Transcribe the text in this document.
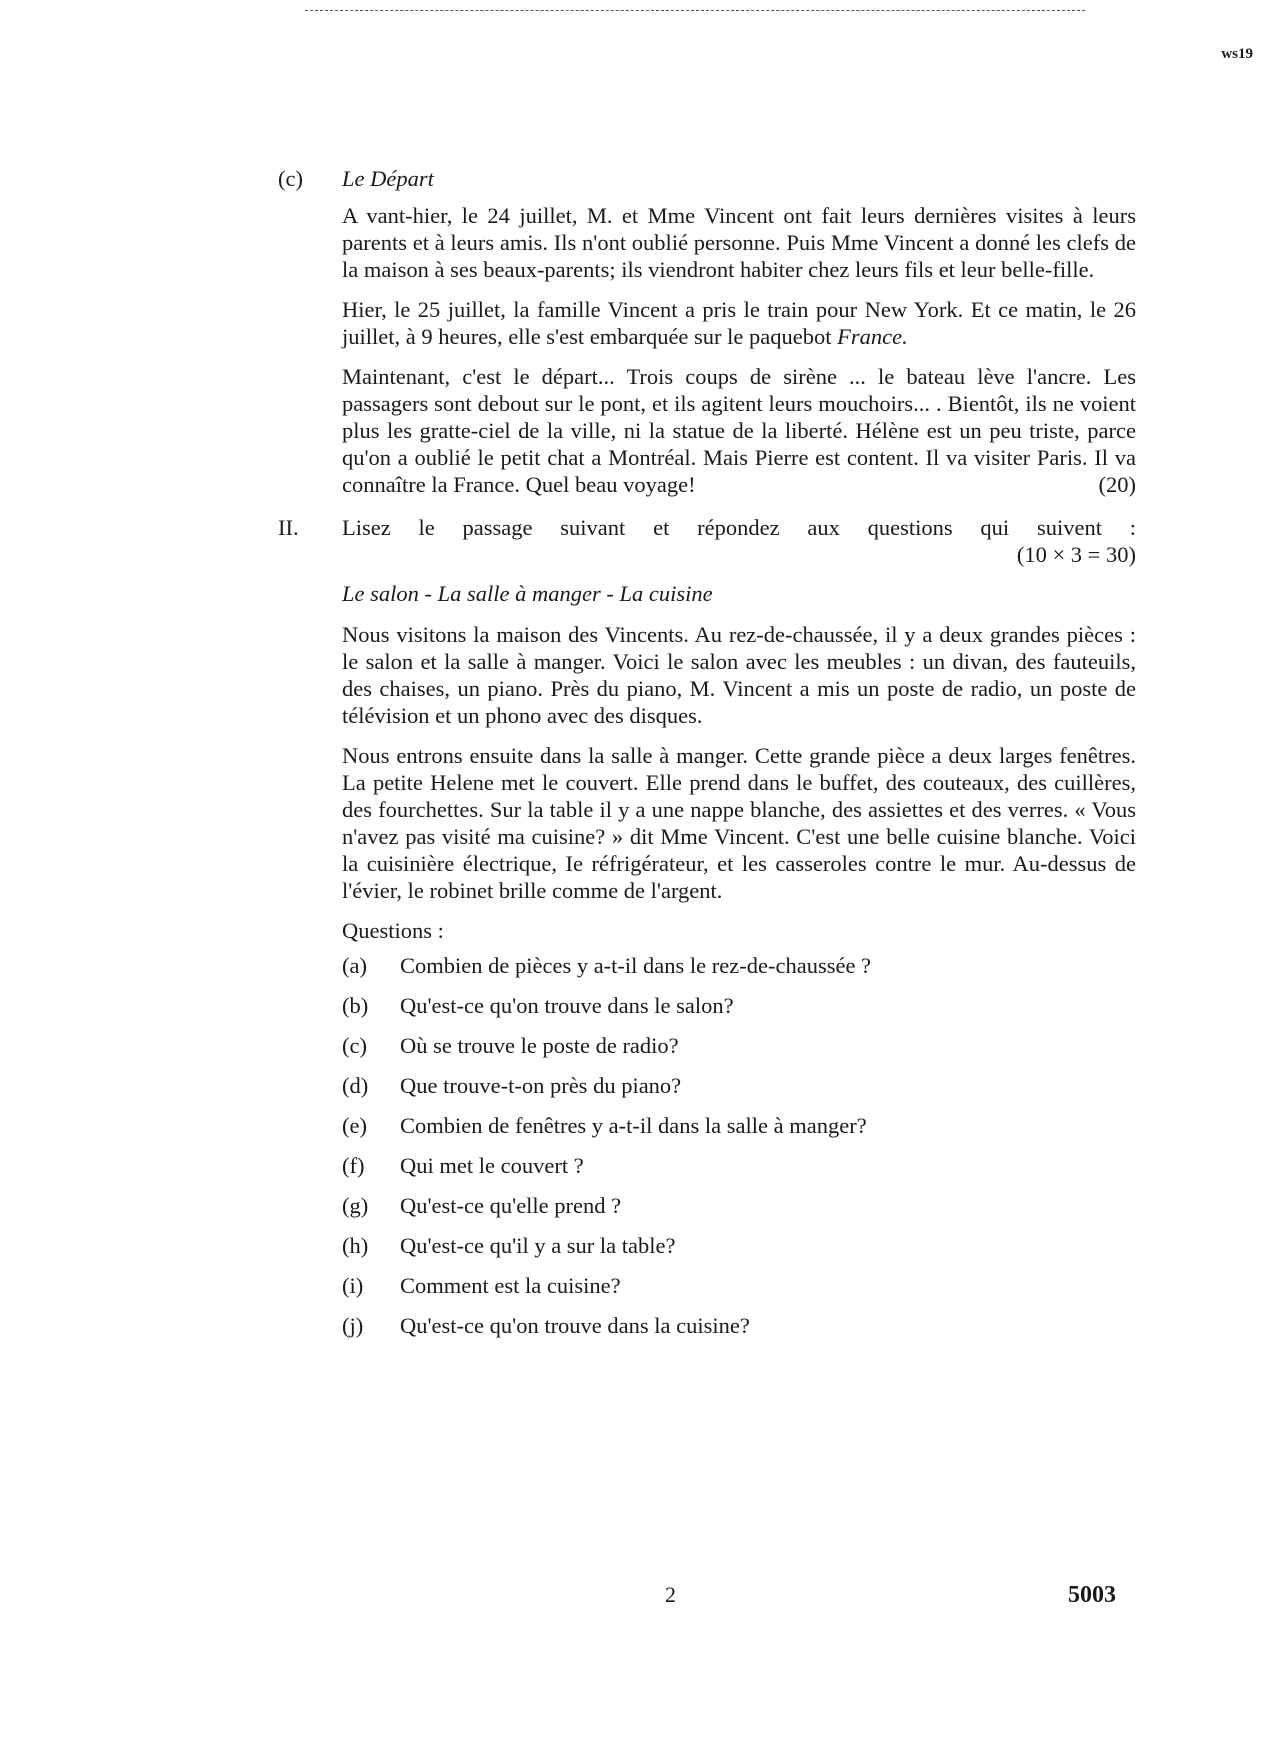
ws19
(c)	Le Départ

A vant-hier, le 24 juillet, M. et Mme Vincent ont fait leurs dernières visites à leurs parents et à leurs amis. Ils n'ont oublié personne. Puis Mme Vincent a donné les clefs de la maison à ses beaux-parents; ils viendront habiter chez leurs fils et leur belle-fille.

Hier, le 25 juillet, la famille Vincent a pris le train pour New York. Et ce matin, le 26 juillet, à 9 heures, elle s'est embarquée sur le paquebot France.

Maintenant, c'est le départ... Trois coups de sirène ... le bateau lève l'ancre. Les passagers sont debout sur le pont, et ils agitent leurs mouchoirs... . Bientôt, ils ne voient plus les gratte-ciel de la ville, ni la statue de la liberté. Hélène est un peu triste, parce qu'on a oublié le petit chat a Montréal. Mais Pierre est content. Il va visiter Paris. Il va connaître la France. Quel beau voyage!	(20)

II.	Lisez le passage suivant et répondez aux questions qui suivent :
(10 × 3 = 30)
Le salon - La salle à manger - La cuisine

Nous visitons la maison des Vincents. Au rez-de-chaussée, il y a deux grandes pièces : le salon et la salle à manger. Voici le salon avec les meubles : un divan, des fauteuils, des chaises, un piano. Près du piano, M. Vincent a mis un poste de radio, un poste de télévision et un phono avec des disques.

Nous entrons ensuite dans la salle à manger. Cette grande pièce a deux larges fenêtres. La petite Helene met le couvert. Elle prend dans le buffet, des couteaux, des cuillères, des fourchettes. Sur la table il y a une nappe blanche, des assiettes et des verres. « Vous n'avez pas visité ma cuisine? » dit Mme Vincent. C'est une belle cuisine blanche. Voici la cuisinière électrique, Ie réfrigérateur, et les casseroles contre le mur. Au-dessus de l'évier, le robinet brille comme de l'argent.

Questions :
(a)	Combien de pièces y a-t-il dans le rez-de-chaussée ?
(b)	Qu'est-ce qu'on trouve dans le salon?
(c)	Où se trouve le poste de radio?
(d)	Que trouve-t-on près du piano?
(e)	Combien de fenêtres y a-t-il dans la salle à manger?
(f)	Qui met le couvert ?
(g)	Qu'est-ce qu'elle prend ?
(h)	Qu'est-ce qu'il y a sur la table?
(i)	Comment est la cuisine?
(j)	Qu'est-ce qu'on trouve dans la cuisine?
2	5003
